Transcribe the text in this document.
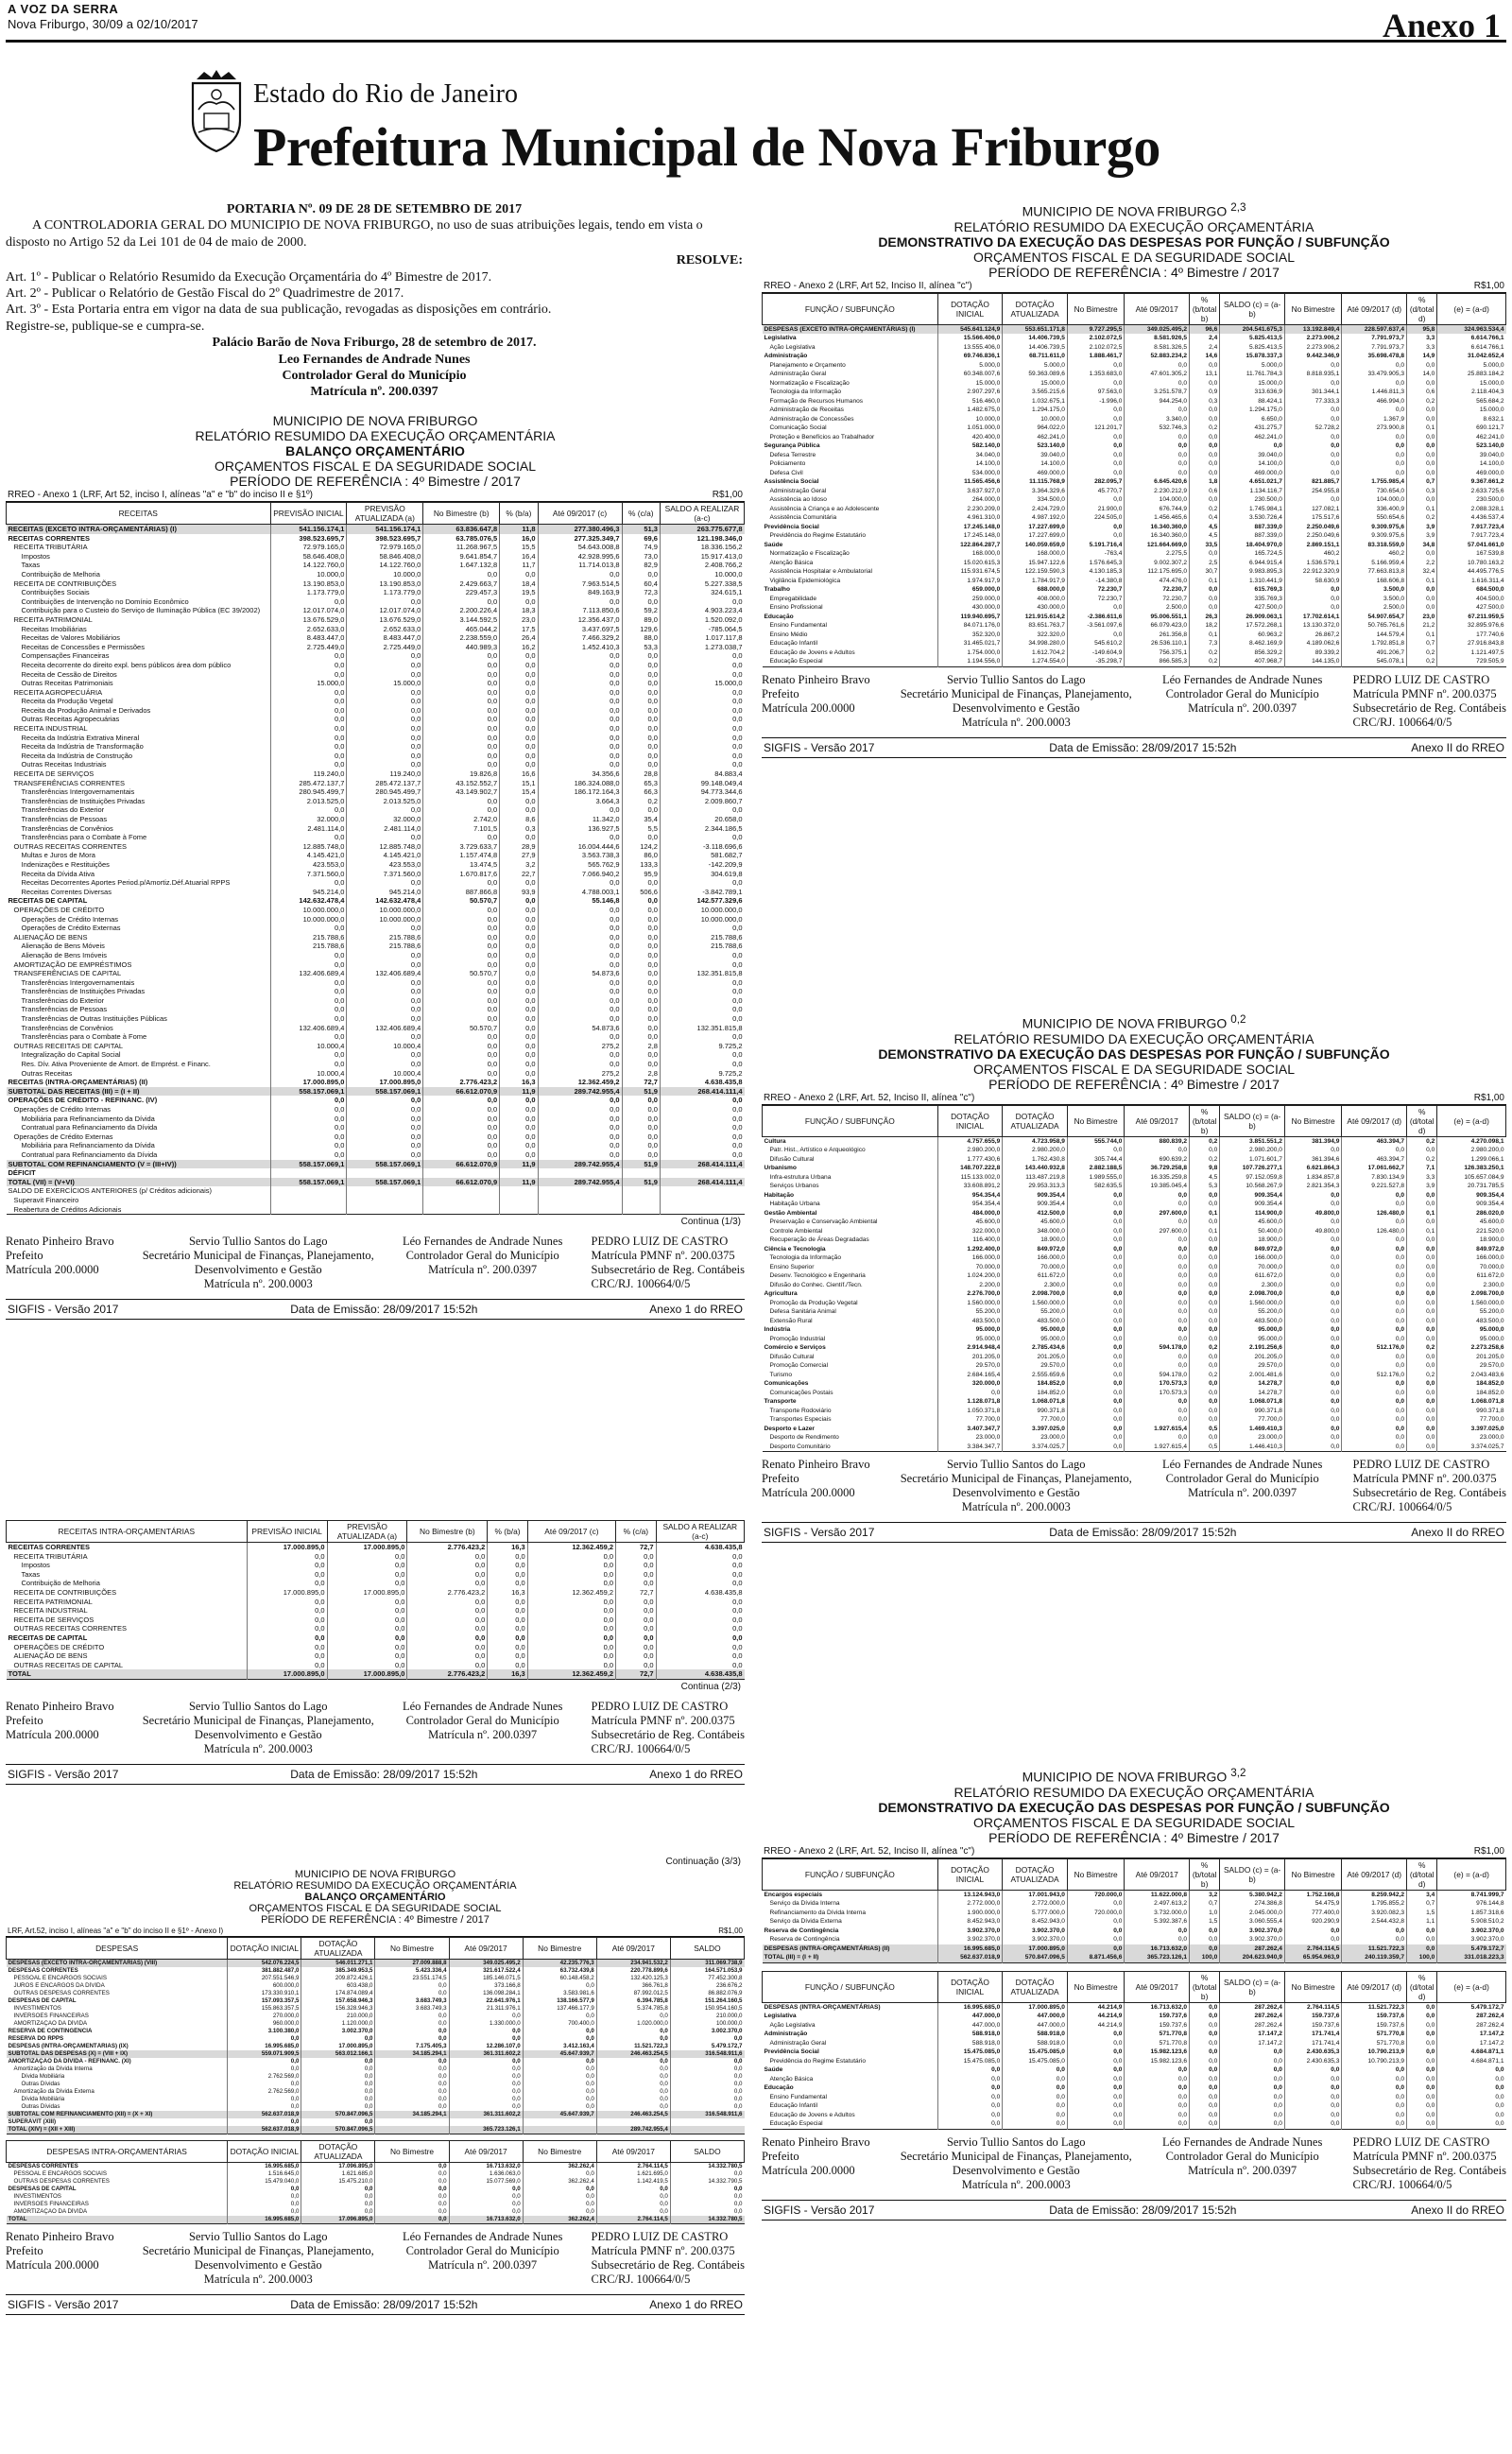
A VOZ DA SERRA
Nova Friburgo, 30/09 a 02/10/2017	Anexo 1
Estado do Rio de Janeiro
Prefeitura Municipal de Nova Friburgo

PORTARIA Nº. 09 DE 28 DE SETEMBRO DE 2017

A CONTROLADORIA GERAL DO MUNICIPIO DE NOVA FRIBURGO, no uso de suas atribuições legais, tendo em vista o disposto no Artigo 52 da Lei 101 de 04 de maio de 2000.

RESOLVE:

Art. 1º - Publicar o Relatório Resumido da Execução Orçamentária do 4º Bimestre de 2017.

Art. 2º - Publicar o Relatório de Gestão Fiscal do 2º Quadrimestre de 2017.

Art. 3º - Esta Portaria entra em vigor na data de sua publicação, revogadas as disposições em contrário.

Registre-se, publique-se e cumpra-se.

Palácio Barão de Nova Friburgo, 28 de setembro de 2017.

Leo Fernandes de Andrade Nunes

Controlador Geral do Município

Matrícula nº. 200.0397

MUNICIPIO DE NOVA FRIBURGO
RELATÓRIO RESUMIDO DA EXECUÇÃO ORÇAMENTÁRIA
BALANÇO ORÇAMENTÁRIO
ORÇAMENTOS FISCAL E DA SEGURIDADE SOCIAL
PERÍODO DE REFERÊNCIA : 4º Bimestre / 2017
RREO - Anexo 1 (LRF, Art 52, inciso I, alíneas "a" e "b" do inciso II e §1º)	R$1,00
RECEITAS	PREVISÃO INICIAL	PREVISÃO ATUALIZADA (a)	No Bimestre (b)	% (b/a)	Até 09/2017 (c)	% (c/a)	SALDO A REALIZAR (a-c)
RECEITAS (EXCETO INTRA-ORÇAMENTÁRIAS) (I)	541.156.174,1	541.156.174,1	63.836.647,8	11,8	277.380.496,3	51,3	263.775.677,8
RECEITAS CORRENTES	398.523.695,7	398.523.695,7	63.785.076,5	16,0	277.325.349,7	69,6	121.198.346,0
RECEITA TRIBUTÁRIA	72.979.165,0	72.979.165,0	11.268.967,5	15,5	54.643.008,8	74,9	18.336.156,2
Impostos	58.646.408,0	58.846.408,0	9.641.854,7	16,4	42.928.995,6	73,0	15.917.413,0
Taxas	14.122.760,0	14.122.760,0	1.647.132,8	11,7	11.714.013,8	82,9	2.408.766,2
Contribuição de Melhoria	10.000,0	10.000,0	0,0	0,0	0,0	0,0	10.000,0
RECEITA DE CONTRIBUIÇÕES	13.190.853,0	13.190.853,0	2.429.663,7	18,4	7.963.514,5	60,4	5.227.338,5
Contribuições Sociais	1.173.779,0	1.173.779,0	229.457,3	19,5	849.163,9	72,3	324.615,1
Contribuições de Intervenção no Domínio Econômico	0,0	0,0	0,0	0,0	0,0	0,0	0,0
Contribuição para o Custeio do Serviço de Iluminação Pública (EC 39/2002)	12.017.074,0	12.017.074,0	2.200.226,4	18,3	7.113.850,6	59,2	4.903.223,4
RECEITA PATRIMONIAL	13.676.529,0	13.676.529,0	3.144.592,5	23,0	12.356.437,0	89,0	1.520.092,0
Receitas Imobiliárias	2.652.633,0	2.652.633,0	465.044,2	17,5	3.437.697,5	129,6	-785.064,5
Receitas de Valores Mobiliários	8.483.447,0	8.483.447,0	2.238.559,0	26,4	7.466.329,2	88,0	1.017.117,8
Receitas de Concessões e Permissões	2.725.449,0	2.725.449,0	440.989,3	16,2	1.452.410,3	53,3	1.273.038,7
Compensações Financeiras	0,0	0,0	0,0	0,0	0,0	0,0	0,0
Receita decorrente do direito expl. bens públicos área dom público	0,0	0,0	0,0	0,0	0,0	0,0	0,0
Receita de Cessão de Direitos	0,0	0,0	0,0	0,0	0,0	0,0	0,0
Outras Receitas Patrimoniais	15.000,0	15.000,0	0,0	0,0	0,0	0,0	15.000,0
RECEITA AGROPECUÁRIA	0,0	0,0	0,0	0,0	0,0	0,0	0,0
Receita da Produção Vegetal	0,0	0,0	0,0	0,0	0,0	0,0	0,0
Receita da Produção Animal e Derivados	0,0	0,0	0,0	0,0	0,0	0,0	0,0
Outras Receitas Agropecuárias	0,0	0,0	0,0	0,0	0,0	0,0	0,0
RECEITA INDUSTRIAL	0,0	0,0	0,0	0,0	0,0	0,0	0,0
Receita da Indústria Extrativa Mineral	0,0	0,0	0,0	0,0	0,0	0,0	0,0
Receita da Indústria de Transformação	0,0	0,0	0,0	0,0	0,0	0,0	0,0
Receita da Indústria de Construção	0,0	0,0	0,0	0,0	0,0	0,0	0,0
Outras Receitas Industriais	0,0	0,0	0,0	0,0	0,0	0,0	0,0
RECEITA DE SERVIÇOS	119.240,0	119.240,0	19.826,8	16,6	34.356,6	28,8	84.883,4
TRANSFERÊNCIAS CORRENTES	285.472.137,7	285.472.137,7	43.152.552,7	15,1	186.324.088,0	65,3	99.148.049,4
Transferências Intergovernamentais	280.945.499,7	280.945.499,7	43.149.902,7	15,4	186.172.164,3	66,3	94.773.344,6
Transferências de Instituições Privadas	2.013.525,0	2.013.525,0	0,0	0,0	3.664,3	0,2	2.009.860,7
Transferências do Exterior	0,0	0,0	0,0	0,0	0,0	0,0	0,0
Transferências de Pessoas	32.000,0	32.000,0	2.742,0	8,6	11.342,0	35,4	20.658,0
Transferências de Convênios	2.481.114,0	2.481.114,0	7.101,5	0,3	136.927,5	5,5	2.344.186,5
Transferências para o Combate à Fome	0,0	0,0	0,0	0,0	0,0	0,0	0,0
OUTRAS RECEITAS CORRENTES	12.885.748,0	12.885.748,0	3.729.633,7	28,9	16.004.444,6	124,2	-3.118.696,6
Multas e Juros de Mora	4.145.421,0	4.145.421,0	1.157.474,8	27,9	3.563.738,3	86,0	581.682,7
Indenizações e Restituições	423.553,0	423.553,0	13.474,5	3,2	565.762,9	133,3	-142.209,9
Receita da Dívida Ativa	7.371.560,0	7.371.560,0	1.670.817,6	22,7	7.066.940,2	95,9	304.619,8
Receitas Decorrentes Aportes Period.p/Amortiz.Déf.Atuarial RPPS	0,0	0,0	0,0	0,0	0,0	0,0	0,0
Receitas Correntes Diversas	945.214,0	945.214,0	887.866,8	93,9	4.788.003,1	506,6	-3.842.789,1
RECEITAS DE CAPITAL	142.632.478,4	142.632.478,4	50.570,7	0,0	55.146,8	0,0	142.577.329,6
OPERAÇÕES DE CRÉDITO	10.000.000,0	10.000.000,0	0,0	0,0	0,0	0,0	10.000.000,0
Operações de Crédito Internas	10.000.000,0	10.000.000,0	0,0	0,0	0,0	0,0	10.000.000,0
Operações de Crédito Externas	0,0	0,0	0,0	0,0	0,0	0,0	0,0
ALIENAÇÃO DE BENS	215.788,6	215.788,6	0,0	0,0	0,0	0,0	215.788,6
Alienação de Bens Móveis	215.788,6	215.788,6	0,0	0,0	0,0	0,0	215.788,6
Alienação de Bens Imóveis	0,0	0,0	0,0	0,0	0,0	0,0	0,0
AMORTIZAÇÃO DE EMPRÉSTIMOS	0,0	0,0	0,0	0,0	0,0	0,0	0,0
TRANSFERÊNCIAS DE CAPITAL	132.406.689,4	132.406.689,4	50.570,7	0,0	54.873,6	0,0	132.351.815,8
Transferências Intergovernamentais	0,0	0,0	0,0	0,0	0,0	0,0	0,0
Transferências de Instituições Privadas	0,0	0,0	0,0	0,0	0,0	0,0	0,0
Transferências do Exterior	0,0	0,0	0,0	0,0	0,0	0,0	0,0
Transferências de Pessoas	0,0	0,0	0,0	0,0	0,0	0,0	0,0
Transferências de Outras Instituições Públicas	0,0	0,0	0,0	0,0	0,0	0,0	0,0
Transferências de Convênios	132.406.689,4	132.406.689,4	50.570,7	0,0	54.873,6	0,0	132.351.815,8
Transferências para o Combate à Fome	0,0	0,0	0,0	0,0	0,0	0,0	0,0
OUTRAS RECEITAS DE CAPITAL	10.000,4	10.000,4	0,0	0,0	275,2	2,8	9.725,2
Integralização do Capital Social	0,0	0,0	0,0	0,0	0,0	0,0	0,0
Res. Dív. Ativa Proveniente de Amort. de Emprést. e Financ.	0,0	0,0	0,0	0,0	0,0	0,0	0,0
Outras Receitas	10.000,4	10.000,4	0,0	0,0	275,2	2,8	9.725,2
RECEITAS (INTRA-ORÇAMENTÁRIAS) (II)	17.000.895,0	17.000.895,0	2.776.423,2	16,3	12.362.459,2	72,7	4.638.435,8
SUBTOTAL DAS RECEITAS (III) = (I + II)	558.157.069,1	558.157.069,1	66.612.070,9	11,9	289.742.955,4	51,9	268.414.111,4
OPERAÇÕES DE CRÉDITO - REFINANC. (IV)	0,0	0,0	0,0	0,0	0,0	0,0	0,0
Operações de Crédito Internas	0,0	0,0	0,0	0,0	0,0	0,0	0,0
Mobiliária para Refinanciamento da Dívida	0,0	0,0	0,0	0,0	0,0	0,0	0,0
Contratual para Refinanciamento da Dívida	0,0	0,0	0,0	0,0	0,0	0,0	0,0
Operações de Crédito Externas	0,0	0,0	0,0	0,0	0,0	0,0	0,0
Mobiliária para Refinanciamento da Dívida	0,0	0,0	0,0	0,0	0,0	0,0	0,0
Contratual para Refinanciamento da Dívida	0,0	0,0	0,0	0,0	0,0	0,0	0,0
SUBTOTAL COM REFINANCIAMENTO (V = (III+IV))	558.157.069,1	558.157.069,1	66.612.070,9	11,9	289.742.955,4	51,9	268.414.111,4
DÉFICIT							
TOTAL (VII) = (V+VI)	558.157.069,1	558.157.069,1	66.612.070,9	11,9	289.742.955,4	51,9	268.414.111,4
SALDO DE EXERCÍCIOS ANTERIORES (p/ Créditos adicionais)							
Superavit Financeiro							
Reabertura de Créditos Adicionais							
Continua (1/3)
Renato Pinheiro Bravo
Prefeito
Matrícula 200.0000
Servio Tullio Santos do Lago
Secretário Municipal de Finanças, Planejamento,
Desenvolvimento e Gestão
Matrícula nº. 200.0003
Léo Fernandes de Andrade Nunes
Controlador Geral do Município
Matrícula nº. 200.0397
PEDRO LUIZ DE CASTRO
Matrícula PMNF nº. 200.0375
Subsecretário de Reg. Contábeis
CRC/RJ. 100664/0/5
SIGFIS - Versão 2017	Data de Emissão: 28/09/2017 15:52h	Anexo 1 do RREO
RECEITAS INTRA-ORÇAMENTÁRIAS	PREVISÃO INICIAL	PREVISÃO ATUALIZADA (a)	No Bimestre (b)	% (b/a)	Até 09/2017 (c)	% (c/a)	SALDO A REALIZAR (a-c)
RECEITAS CORRENTES	17.000.895,0	17.000.895,0	2.776.423,2	16,3	12.362.459,2	72,7	4.638.435,8
RECEITA TRIBUTÁRIA	0,0	0,0	0,0	0,0	0,0	0,0	0,0
Impostos	0,0	0,0	0,0	0,0	0,0	0,0	0,0
Taxas	0,0	0,0	0,0	0,0	0,0	0,0	0,0
Contribuição de Melhoria	0,0	0,0	0,0	0,0	0,0	0,0	0,0
RECEITA DE CONTRIBUIÇÕES	17.000.895,0	17.000.895,0	2.776.423,2	16,3	12.362.459,2	72,7	4.638.435,8
RECEITA PATRIMONIAL	0,0	0,0	0,0	0,0	0,0	0,0	0,0
RECEITA INDUSTRIAL	0,0	0,0	0,0	0,0	0,0	0,0	0,0
RECEITA DE SERVIÇOS	0,0	0,0	0,0	0,0	0,0	0,0	0,0
OUTRAS RECEITAS CORRENTES	0,0	0,0	0,0	0,0	0,0	0,0	0,0
RECEITAS DE CAPITAL	0,0	0,0	0,0	0,0	0,0	0,0	0,0
OPERAÇÕES DE CRÉDITO	0,0	0,0	0,0	0,0	0,0	0,0	0,0
ALIENAÇÃO DE BENS	0,0	0,0	0,0	0,0	0,0	0,0	0,0
OUTRAS RECEITAS DE CAPITAL	0,0	0,0	0,0	0,0	0,0	0,0	0,0
TOTAL	17.000.895,0	17.000.895,0	2.776.423,2	16,3	12.362.459,2	72,7	4.638.435,8
Continua (2/3)
Renato Pinheiro Bravo
Prefeito
Matrícula 200.0000
Servio Tullio Santos do Lago
Secretário Municipal de Finanças, Planejamento,
Desenvolvimento e Gestão
Matrícula nº. 200.0003
Léo Fernandes de Andrade Nunes
Controlador Geral do Município
Matrícula nº. 200.0397
PEDRO LUIZ DE CASTRO
Matrícula PMNF nº. 200.0375
Subsecretário de Reg. Contábeis
CRC/RJ. 100664/0/5
SIGFIS - Versão 2017	Data de Emissão: 28/09/2017 15:52h	Anexo 1 do RREO
Continuação (3/3)
MUNICIPIO DE NOVA FRIBURGO
RELATÓRIO RESUMIDO DA EXECUÇÃO ORÇAMENTÁRIA
BALANÇO ORÇAMENTÁRIO
ORÇAMENTOS FISCAL E DA SEGURIDADE SOCIAL
PERÍODO DE REFERÊNCIA : 4º Bimestre / 2017
LRF, Art.52, inciso I, alíneas "a" e "b" do inciso II e §1º - Anexo I)	R$1,00
DESPESAS	DOTAÇÃO INICIAL	DOTAÇÃO ATUALIZADA	No Bimestre	Até 09/2017	No Bimestre	Até 09/2017	SALDO
DESPESAS (EXCETO INTRA-ORÇAMENTÁRIAS) (VIII)	542.076.224,5	546.011.271,1	27.009.888,8	349.025.495,2	42.235.776,3	234.941.532,2	311.069.738,9
DESPESAS CORRENTES	381.882.487,0	385.349.953,5	5.423.336,4	321.617.522,4	63.732.439,8	220.778.899,6	164.571.053,9
PESSOAL E ENCARGOS SOCIAIS	207.551.546,9	209.872.426,1	23.551.174,5	185.146.071,5	60.148.458,2	132.420.125,3	77.452.300,8
JUROS E ENCARGOS DA DÍVIDA	600.000,0	603.438,0	0,0	373.166,8	0,0	366.761,8	236.676,2
OUTRAS DESPESAS CORRENTES	173.330.910,1	174.874.089,4	0,0	136.098.284,1	3.583.981,6	87.992.012,5	86.882.076,9
DESPESAS DE CAPITAL	157.093.357,5	157.658.946,3	3.683.749,3	22.641.976,1	138.166.577,9	6.394.785,8	151.264.160,5
INVESTIMENTOS	155.863.357,5	156.328.946,3	3.683.749,3	21.311.976,1	137.466.177,9	5.374.785,8	150.954.160,5
INVERSÕES FINANCEIRAS	270.000,0	210.000,0	0,0	0,0	0,0	0,0	210.000,0
AMORTIZAÇÃO DA DÍVIDA	960.000,0	1.120.000,0	0,0	1.330.000,0	700.400,0	1.020.000,0	100.000,0
RESERVA DE CONTINGÊNCIA	3.100.380,0	3.002.370,0	0,0	0,0	0,0	0,0	3.002.370,0
RESERVA DO RPPS	0,0	0,0	0,0	0,0	0,0	0,0	0,0
DESPESAS (INTRA-ORÇAMENTÁRIAS) (IX)	16.995.685,0	17.000.895,0	7.175.405,3	12.286.107,0	3.412.163,4	11.521.722,3	5.479.172,7
SUBTOTAL DAS DESPESAS (X) = (VIII + IX)	559.071.909,5	563.012.166,1	34.185.294,1	361.311.602,2	45.647.939,7	246.463.254,5	316.548.911,6
AMORTIZAÇÃO DA DÍVIDA - REFINANC. (XI)	0,0	0,0	0,0	0,0	0,0	0,0	0,0
Amortização da Dívida Interna	0,0	0,0	0,0	0,0	0,0	0,0	0,0
Dívida Mobiliária	2.762.569,0	0,0	0,0	0,0	0,0	0,0	0,0
Outras Dívidas	0,0	0,0	0,0	0,0	0,0	0,0	0,0
Amortização da Dívida Externa	2.762.569,0	0,0	0,0	0,0	0,0	0,0	0,0
Dívida Mobiliária	0,0	0,0	0,0	0,0	0,0	0,0	0,0
Outras Dívidas	0,0	0,0	0,0	0,0	0,0	0,0	0,0
SUBTOTAL COM REFINANCIAMENTO (XII) = (X + XI)	562.637.018,9	570.847.096,5	34.185.294,1	361.311.602,2	45.647.939,7	246.463.254,5	316.548.911,6
SUPERÁVIT (XIII)	0,0	0,0					
TOTAL (XIV) = (XII + XIII)	562.637.018,9	570.847.096,5		365.723.126,1		289.742.955,4	
DESPESAS INTRA-ORÇAMENTÁRIAS	DOTAÇÃO INICIAL	DOTAÇÃO ATUALIZADA	No Bimestre	Até 09/2017	No Bimestre	Até 09/2017	SALDO
DESPESAS CORRENTES	16.995.685,0	17.096.895,0	0,0	16.713.632,0	362.262,4	2.764.114,5	14.332.780,5
PESSOAL E ENCARGOS SOCIAIS	1.516.645,0	1.621.685,0	0,0	1.636.063,0	0,0	1.621.695,0	0,0
OUTRAS DESPESAS CORRENTES	15.479.040,0	15.475.210,0	0,0	15.077.569,0	362.262,4	1.142.419,5	14.332.790,5
DESPESAS DE CAPITAL	0,0	0,0	0,0	0,0	0,0	0,0	0,0
INVESTIMENTOS	0,0	0,0	0,0	0,0	0,0	0,0	0,0
INVERSÕES FINANCEIRAS	0,0	0,0	0,0	0,0	0,0	0,0	0,0
AMORTIZAÇÃO DA DÍVIDA	0,0	0,0	0,0	0,0	0,0	0,0	0,0
TOTAL	16.995.685,0	17.096.895,0	0,0	16.713.632,0	362.262,4	2.764.114,5	14.332.780,5
Renato Pinheiro Bravo
Prefeito
Matrícula 200.0000
Servio Tullio Santos do Lago
Secretário Municipal de Finanças, Planejamento,
Desenvolvimento e Gestão
Matrícula nº. 200.0003
Léo Fernandes de Andrade Nunes
Controlador Geral do Município
Matrícula nº. 200.0397
PEDRO LUIZ DE CASTRO
Matrícula PMNF nº. 200.0375
Subsecretário de Reg. Contábeis
CRC/RJ. 100664/0/5
SIGFIS - Versão 2017	Data de Emissão: 28/09/2017 15:52h	Anexo 1 do RREO
MUNICIPIO DE NOVA FRIBURGO $^{2,3}$
RELATÓRIO RESUMIDO DA EXECUÇÃO ORÇAMENTÁRIA
DEMONSTRATIVO DA EXECUÇÃO DAS DESPESAS POR FUNÇÃO / SUBFUNÇÃO
ORÇAMENTOS FISCAL E DA SEGURIDADE SOCIAL
PERÍODO DE REFERÊNCIA : 4º Bimestre / 2017
RREO - Anexo 2 (LRF, Art 52, Inciso II, alínea "c")	R$1,00
FUNÇÃO / SUBFUNÇÃO	DOTAÇÃO INICIAL	DOTAÇÃO ATUALIZADA	No Bimestre	Até 09/2017	% (b/total b)	SALDO (c) = (a-b)	No Bimestre	Até 09/2017 (d)	% (d/total d)	(e) = (a-d)
DESPESAS (EXCETO INTRA-ORÇAMENTÁRIAS) (I)	545.641.124,9	553.651.171,8	9.727.295,5	349.025.495,2	96,6	204.541.675,3	13.192.849,4	228.597.637,4	95,8	324.963.534,4
Legislativa	15.566.406,0	14.406.739,5	2.102.072,5	8.581.926,5	2,4	5.825.413,5	2.273.906,2	7.791.973,7	3,3	6.614.766,1
Ação Legislativa	13.555.406,0	14.406.739,5	2.102.072,5	8.581.326,5	2,4	5.825.413,5	2.273.906,2	7.791.973,7	3,3	6.614.766,1
Administração	69.746.836,1	68.711.611,0	1.888.461,7	52.883.234,2	14,6	15.878.337,3	9.442.346,9	35.698.478,8	14,9	31.042.652,4
Planejamento e Orçamento	5.000,0	5.000,0	0,0	0,0	0,0	5.000,0	0,0	0,0	0,0	5.000,0
Administração Geral	60.348.007,6	59.363.089,6	1.353.683,0	47.601.305,2	13,1	11.761.784,3	8.818.935,1	33.479.905,3	14,0	25.883.184,2
Normatização e Fiscalização	15.000,0	15.000,0	0,0	0,0	0,0	15.000,0	0,0	0,0	0,0	15.000,0
Tecnologia da Informação	2.907.297,6	3.565.215,6	97.563,0	3.251.578,7	0,9	313.636,9	301.344,1	1.446.811,3	0,6	2.118.404,3
Formação de Recursos Humanos	516.460,0	1.032.675,1	-1.996,0	944.254,0	0,3	88.424,1	77.333,3	466.994,0	0,2	565.684,2
Administração de Receitas	1.482.675,0	1.294.175,0	0,0	0,0	0,0	1.294.175,0	0,0	0,0	0,0	15.000,0
Administração de Concessões	10.000,0	10.000,0	0,0	3.340,0	0,0	6.650,0	0,0	1.367,9	0,0	8.632,1
Comunicação Social	1.051.000,0	964.022,0	121.201,7	532.746,3	0,2	431.275,7	52.728,2	273.900,8	0,1	690.121,7
Proteção e Benefícios ao Trabalhador	420.400,0	462.241,0	0,0	0,0	0,0	462.241,0	0,0	0,0	0,0	462.241,0
Segurança Pública	582.140,0	523.140,0	0,0	0,0	0,0	0,0	0,0	0,0	0,0	523.140,0
Defesa Terrestre	34.040,0	39.040,0	0,0	0,0	0,0	39.040,0	0,0	0,0	0,0	39.040,0
Policiamento	14.100,0	14.100,0	0,0	0,0	0,0	14.100,0	0,0	0,0	0,0	14.100,0
Defesa Civil	534.000,0	469.000,0	0,0	0,0	0,0	469.000,0	0,0	0,0	0,0	469.000,0
Assistência Social	11.565.456,6	11.115.768,9	282.095,7	6.645.420,6	1,8	4.651.021,7	821.885,7	1.755.985,4	0,7	9.367.661,2
Administração Geral	3.637.927,0	3.364.329,6	45.770,7	2.230.212,9	0,6	1.134.116,7	254.955,8	730.654,0	0,3	2.633.725,6
Assistência ao Idoso	264.000,0	334.500,0	0,0	104.000,0	0,0	230.500,0	0,0	104.000,0	0,0	230.500,0
Assistência à Criança e ao Adolescente	2.230.209,0	2.424.729,0	21.900,0	676.744,9	0,2	1.745.984,1	127.082,1	336.400,9	0,1	2.088.328,1
Assistência Comunitária	4.961.310,0	4.987.192,0	224.505,0	1.456.465,6	0,4	3.530.726,4	175.517,6	550.654,6	0,2	4.436.537,4
Previdência Social	17.245.148,0	17.227.699,0	0,0	16.340.360,0	4,5	887.339,0	2.250.049,6	9.309.975,6	3,9	7.917.723,4
Previdência do Regime Estatutário	17.245.148,0	17.227.699,0	0,0	16.340.360,0	4,5	887.339,0	2.250.049,6	9.309.975,6	3,9	7.917.723,4
Saúde	122.864.287,7	140.059.659,0	5.191.716,4	121.664.669,0	33,5	18.404.970,0	2.869.151,1	83.318.559,0	34,8	57.041.661,0
Normatização e Fiscalização	168.000,0	168.000,0	-763,4	2.275,5	0,0	165.724,5	460,2	460,2	0,0	167.539,8
Atenção Básica	15.020.615,3	15.947.122,6	1.576.645,3	9.002.307,2	2,5	6.944.915,4	1.536.579,1	5.166.959,4	2,2	10.780.163,2
Assistência Hospitalar e Ambulatorial	115.931.674,5	122.159.590,3	4.130.185,3	112.175.695,0	30,7	9.983.895,3	22.912.320,9	77.663.813,8	32,4	44.495.776,5
Vigilância Epidemiológica	1.974.917,9	1.784.917,9	-14.380,8	474.476,0	0,1	1.310.441,9	58.630,9	168.606,8	0,1	1.616.311,4
Trabalho	659.000,0	688.000,0	72.230,7	72.230,7	0,0	615.769,3	0,0	3.500,0	0,0	684.500,0
Empregabilidade	259.000,0	408.000,0	72.230,7	72.230,7	0,0	335.769,3	0,0	3.500,0	0,0	404.500,0
Ensino Profissional	430.000,0	430.000,0	0,0	2.500,0	0,0	427.500,0	0,0	2.500,0	0,0	427.500,0
Educação	119.940.695,7	121.915.614,2	-2.386.611,6	95.006.551,1	26,3	26.909.063,1	17.702.614,1	54.907.654,7	23,0	67.211.959,5
Ensino Fundamental	84.071.176,0	83.651.763,7	-3.561.097,6	66.079.423,0	18,2	17.572.268,1	13.130.372,0	50.765.761,6	21,2	32.895.976,6
Ensino Médio	352.320,0	322.320,0	0,0	261.356,8	0,1	60.963,2	26.867,2	144.579,4	0,1	177.740,6
Educação Infantil	31.465.021,7	34.998.280,0	545.610,2	26.536.110,1	7,3	8.462.169,9	4.189.062,6	1.792.851,8	0,7	27.916.843,8
Educação de Jovens e Adultos	1.754.000,0	1.612.704,2	-149.604,9	756.375,1	0,2	856.329,2	89.339,2	491.206,7	0,2	1.121.497,5
Educação Especial	1.194.556,0	1.274.554,0	-35.298,7	866.585,3	0,2	407.968,7	144.135,0	545.078,1	0,2	729.505,9
Renato Pinheiro Bravo
Prefeito
Matrícula 200.0000
Servio Tullio Santos do Lago
Secretário Municipal de Finanças, Planejamento,
Desenvolvimento e Gestão
Matrícula nº. 200.0003
Léo Fernandes de Andrade Nunes
Controlador Geral do Município
Matrícula nº. 200.0397
PEDRO LUIZ DE CASTRO
Matrícula PMNF nº. 200.0375
Subsecretário de Reg. Contábeis
CRC/RJ. 100664/0/5
SIGFIS - Versão 2017	Data de Emissão: 28/09/2017 15:52h	Anexo II do RREO
MUNICIPIO DE NOVA FRIBURGO $^{0,2}$
RELATÓRIO RESUMIDO DA EXECUÇÃO ORÇAMENTÁRIA
DEMONSTRATIVO DA EXECUÇÃO DAS DESPESAS POR FUNÇÃO / SUBFUNÇÃO
ORÇAMENTOS FISCAL E DA SEGURIDADE SOCIAL
PERÍODO DE REFERÊNCIA : 4º Bimestre / 2017
RREO - Anexo 2 (LRF, Art. 52, Inciso II, alínea "c")	R$1,00
FUNÇÃO / SUBFUNÇÃO	DOTAÇÃO INICIAL	DOTAÇÃO ATUALIZADA	No Bimestre	Até 09/2017	% (b/total b)	SALDO (c) = (a-b)	No Bimestre	Até 09/2017 (d)	% (d/total d)	(e) = (a-d)
Cultura	4.757.655,9	4.723.958,9	555.744,0	880.839,2	0,2	3.851.551,2	381.394,9	463.394,7	0,2	4.270.098,1
Patr. Hist., Artístico e Arqueológico	2.980.200,0	2.980.200,0	0,0	0,0	0,0	2.980.200,0	0,0	0,0	0,0	2.980.200,0
Difusão Cultural	1.777.430,6	1.762.430,8	305.744,4	690.639,2	0,2	1.071.601,7	361.394,6	463.394,7	0,2	1.299.066,1
Urbanismo	148.707.222,8	143.440.932,8	2.882.188,5	36.729.258,8	9,8	107.726.277,1	6.621.864,3	17.061.662,7	7,1	126.383.250,1
Infra-estrutura Urbana	115.133.002,0	113.487.219,8	1.989.555,0	16.335.259,8	4,5	97.152.059,8	1.834.857,8	7.830.134,9	3,3	105.657.084,9
Serviços Urbanos	33.608.891,2	29.953.313,3	582.635,5	19.385.045,4	5,3	10.568.267,9	2.821.354,3	9.221.527,8	3,9	20.731.785,5
Habitação	954.354,4	909.354,4	0,0	0,0	0,0	909.354,4	0,0	0,0	0,0	909.354,4
Habitação Urbana	954.354,4	909.354,4	0,0	0,0	0,0	909.354,4	0,0	0,0	0,0	909.354,4
Gestão Ambiental	484.000,0	412.500,0	0,0	297.600,0	0,1	114.900,0	49.800,0	126.480,0	0,1	286.020,0
Preservação e Conservação Ambiental	45.600,0	45.600,0	0,0	0,0	0,0	45.600,0	0,0	0,0	0,0	45.600,0
Controle Ambiental	322.000,0	348.000,0	0,0	297.600,0	0,1	50.400,0	49.800,0	126.480,0	0,1	221.520,0
Recuperação de Áreas Degradadas	116.400,0	18.900,0	0,0	0,0	0,0	18.900,0	0,0	0,0	0,0	18.900,0
Ciência e Tecnologia	1.292.400,0	849.972,0	0,0	0,0	0,0	849.972,0	0,0	0,0	0,0	849.972,0
Tecnologia da Informação	166.000,0	166.000,0	0,0	0,0	0,0	166.000,0	0,0	0,0	0,0	166.000,0
Ensino Superior	70.000,0	70.000,0	0,0	0,0	0,0	70.000,0	0,0	0,0	0,0	70.000,0
Desenv. Tecnológico e Engenharia	1.024.200,0	611.672,0	0,0	0,0	0,0	611.672,0	0,0	0,0	0,0	611.672,0
Difusão do Conhec. Científ./Tecn.	2.200,0	2.300,0	0,0	0,0	0,0	2.300,0	0,0	0,0	0,0	2.300,0
Agricultura	2.276.700,0	2.098.700,0	0,0	0,0	0,0	2.098.700,0	0,0	0,0	0,0	2.098.700,0
Promoção da Produção Vegetal	1.560.000,0	1.560.000,0	0,0	0,0	0,0	1.560.000,0	0,0	0,0	0,0	1.560.000,0
Defesa Sanitária Animal	55.200,0	55.200,0	0,0	0,0	0,0	55.200,0	0,0	0,0	0,0	55.200,0
Extensão Rural	483.500,0	483.500,0	0,0	0,0	0,0	483.500,0	0,0	0,0	0,0	483.500,0
Indústria	95.000,0	95.000,0	0,0	0,0	0,0	95.000,0	0,0	0,0	0,0	95.000,0
Promoção Industrial	95.000,0	95.000,0	0,0	0,0	0,0	95.000,0	0,0	0,0	0,0	95.000,0
Comércio e Serviços	2.914.948,4	2.785.434,6	0,0	594.178,0	0,2	2.191.256,6	0,0	512.176,0	0,2	2.273.258,6
Difusão Cultural	201.205,0	201.205,0	0,0	0,0	0,0	201.205,0	0,0	0,0	0,0	201.205,0
Promoção Comercial	29.570,0	29.570,0	0,0	0,0	0,0	29.570,0	0,0	0,0	0,0	29.570,0
Turismo	2.684.165,4	2.555.659,6	0,0	594.178,0	0,2	2.001.481,6	0,0	512.176,0	0,2	2.043.483,6
Comunicações	320.000,0	184.852,0	0,0	170.573,3	0,0	14.278,7	0,0	0,0	0,0	184.852,0
Comunicações Postais	0,0	184.852,0	0,0	170.573,3	0,0	14.278,7	0,0	0,0	0,0	184.852,0
Transporte	1.128.071,8	1.068.071,8	0,0	0,0	0,0	1.068.071,8	0,0	0,0	0,0	1.068.071,8
Transporte Rodoviário	1.050.371,8	990.371,8	0,0	0,0	0,0	990.371,8	0,0	0,0	0,0	990.371,8
Transportes Especiais	77.700,0	77.700,0	0,0	0,0	0,0	77.700,0	0,0	0,0	0,0	77.700,0
Desporto e Lazer	3.407.347,7	3.397.025,0	0,0	1.927.615,4	0,5	1.469.410,3	0,0	0,0	0,0	3.397.025,0
Desporto de Rendimento	23.000,0	23.000,0	0,0	0,0	0,0	23.000,0	0,0	0,0	0,0	23.000,0
Desporto Comunitário	3.384.347,7	3.374.025,7	0,0	1.927.615,4	0,5	1.446.410,3	0,0	0,0	0,0	3.374.025,7
Renato Pinheiro Bravo
Prefeito
Matrícula 200.0000
Servio Tullio Santos do Lago
Secretário Municipal de Finanças, Planejamento,
Desenvolvimento e Gestão
Matrícula nº. 200.0003
Léo Fernandes de Andrade Nunes
Controlador Geral do Município
Matrícula nº. 200.0397
PEDRO LUIZ DE CASTRO
Matrícula PMNF nº. 200.0375
Subsecretário de Reg. Contábeis
CRC/RJ. 100664/0/5
SIGFIS - Versão 2017	Data de Emissão: 28/09/2017 15:52h	Anexo II do RREO
MUNICIPIO DE NOVA FRIBURGO $^{3,2}$
RELATÓRIO RESUMIDO DA EXECUÇÃO ORÇAMENTÁRIA
DEMONSTRATIVO DA EXECUÇÃO DAS DESPESAS POR FUNÇÃO / SUBFUNÇÃO
ORÇAMENTOS FISCAL E DA SEGURIDADE SOCIAL
PERÍODO DE REFERÊNCIA : 4º Bimestre / 2017
RREO - Anexo 2 (LRF, Art. 52, Inciso II, alínea "c")	R$1,00
FUNÇÃO / SUBFUNÇÃO	DOTAÇÃO INICIAL	DOTAÇÃO ATUALIZADA	No Bimestre	Até 09/2017	% (b/total b)	SALDO (c) = (a-b)	No Bimestre	Até 09/2017 (d)	% (d/total d)	(e) = (a-d)
Encargos especiais	13.124.943,0	17.001.943,0	720.000,0	11.622.000,8	3,2	5.380.942,2	1.752.166,8	8.259.942,2	3,4	8.741.999,7
Serviço da Dívida Interna	2.772.000,0	2.772.000,0	0,0	2.497.613,2	0,7	274.386,8	54.475,9	1.795.855,2	0,7	976.144,8
Refinanciamento da Dívida Interna	1.900.000,0	5.777.000,0	720.000,0	3.732.000,0	1,0	2.045.000,0	777.400,0	3.920.082,3	1,5	1.857.318,6
Serviço da Dívida Externa	8.452.943,0	8.452.943,0	0,0	5.392.387,6	1,5	3.060.555,4	920.290,9	2.544.432,8	1,1	5.908.510,2
Reserva de Contingência	3.902.370,0	3.902.370,0	0,0	0,0	0,0	3.902.370,0	0,0	0,0	0,0	3.902.370,0
Reserva de Contingência	3.902.370,0	3.902.370,0	0,0	0,0	0,0	3.902.370,0	0,0	0,0	0,0	3.902.370,0
DESPESAS (INTRA-ORÇAMENTÁRIAS) (II)	16.995.685,0	17.000.895,0	0,0	16.713.632,0	0,0	287.262,4	2.764.114,5	11.521.722,3	0,0	5.479.172,7
TOTAL (III) = (I + II)	562.637.018,9	570.847.096,5	8.871.456,6	365.723.126,1	100,0	204.623.940,9	65.954.963,9	240.119.359,7	100,0	331.018.223,3
FUNÇÃO / SUBFUNÇÃO	DOTAÇÃO INICIAL	DOTAÇÃO ATUALIZADA	No Bimestre	Até 09/2017	% (b/total b)	SALDO (c) = (a-b)	No Bimestre	Até 09/2017 (d)	% (d/total d)	(e) = (a-d)
DESPESAS (INTRA-ORÇAMENTÁRIAS)	16.995.685,0	17.000.895,0	44.214,9	16.713.632,0	0,0	287.262,4	2.764.114,5	11.521.722,3	0,0	5.479.172,7
Legislativa	447.000,0	447.000,0	44.214,9	159.737,6	0,0	287.262,4	159.737,6	159.737,6	0,0	287.262,4
Ação Legislativa	447.000,0	447.000,0	44.214,9	159.737,6	0,0	287.262,4	159.737,6	159.737,6	0,0	287.262,4
Administração	588.918,0	588.918,0	0,0	571.770,8	0,0	17.147,2	171.741,4	571.770,8	0,0	17.147,2
Administração Geral	588.918,0	588.918,0	0,0	571.770,8	0,0	17.147,2	171.741,4	571.770,8	0,0	17.147,2
Previdência Social	15.475.085,0	15.475.085,0	0,0	15.982.123,6	0,0	0,0	2.430.635,3	10.790.213,9	0,0	4.684.871,1
Previdência do Regime Estatutário	15.475.085,0	15.475.085,0	0,0	15.982.123,6	0,0	0,0	2.430.635,3	10.790.213,9	0,0	4.684.871,1
Saúde	0,0	0,0	0,0	0,0	0,0	0,0	0,0	0,0	0,0	0,0
Atenção Básica	0,0	0,0	0,0	0,0	0,0	0,0	0,0	0,0	0,0	0,0
Educação	0,0	0,0	0,0	0,0	0,0	0,0	0,0	0,0	0,0	0,0
Ensino Fundamental	0,0	0,0	0,0	0,0	0,0	0,0	0,0	0,0	0,0	0,0
Educação Infantil	0,0	0,0	0,0	0,0	0,0	0,0	0,0	0,0	0,0	0,0
Educação de Jovens e Adultos	0,0	0,0	0,0	0,0	0,0	0,0	0,0	0,0	0,0	0,0
Educação Especial	0,0	0,0	0,0	0,0	0,0	0,0	0,0	0,0	0,0	0,0
Renato Pinheiro Bravo
Prefeito
Matrícula 200.0000
Servio Tullio Santos do Lago
Secretário Municipal de Finanças, Planejamento,
Desenvolvimento e Gestão
Matrícula nº. 200.0003
Léo Fernandes de Andrade Nunes
Controlador Geral do Município
Matrícula nº. 200.0397
PEDRO LUIZ DE CASTRO
Matrícula PMNF nº. 200.0375
Subsecretário de Reg. Contábeis
CRC/RJ. 100664/0/5
SIGFIS - Versão 2017	Data de Emissão: 28/09/2017 15:52h	Anexo II do RREO
